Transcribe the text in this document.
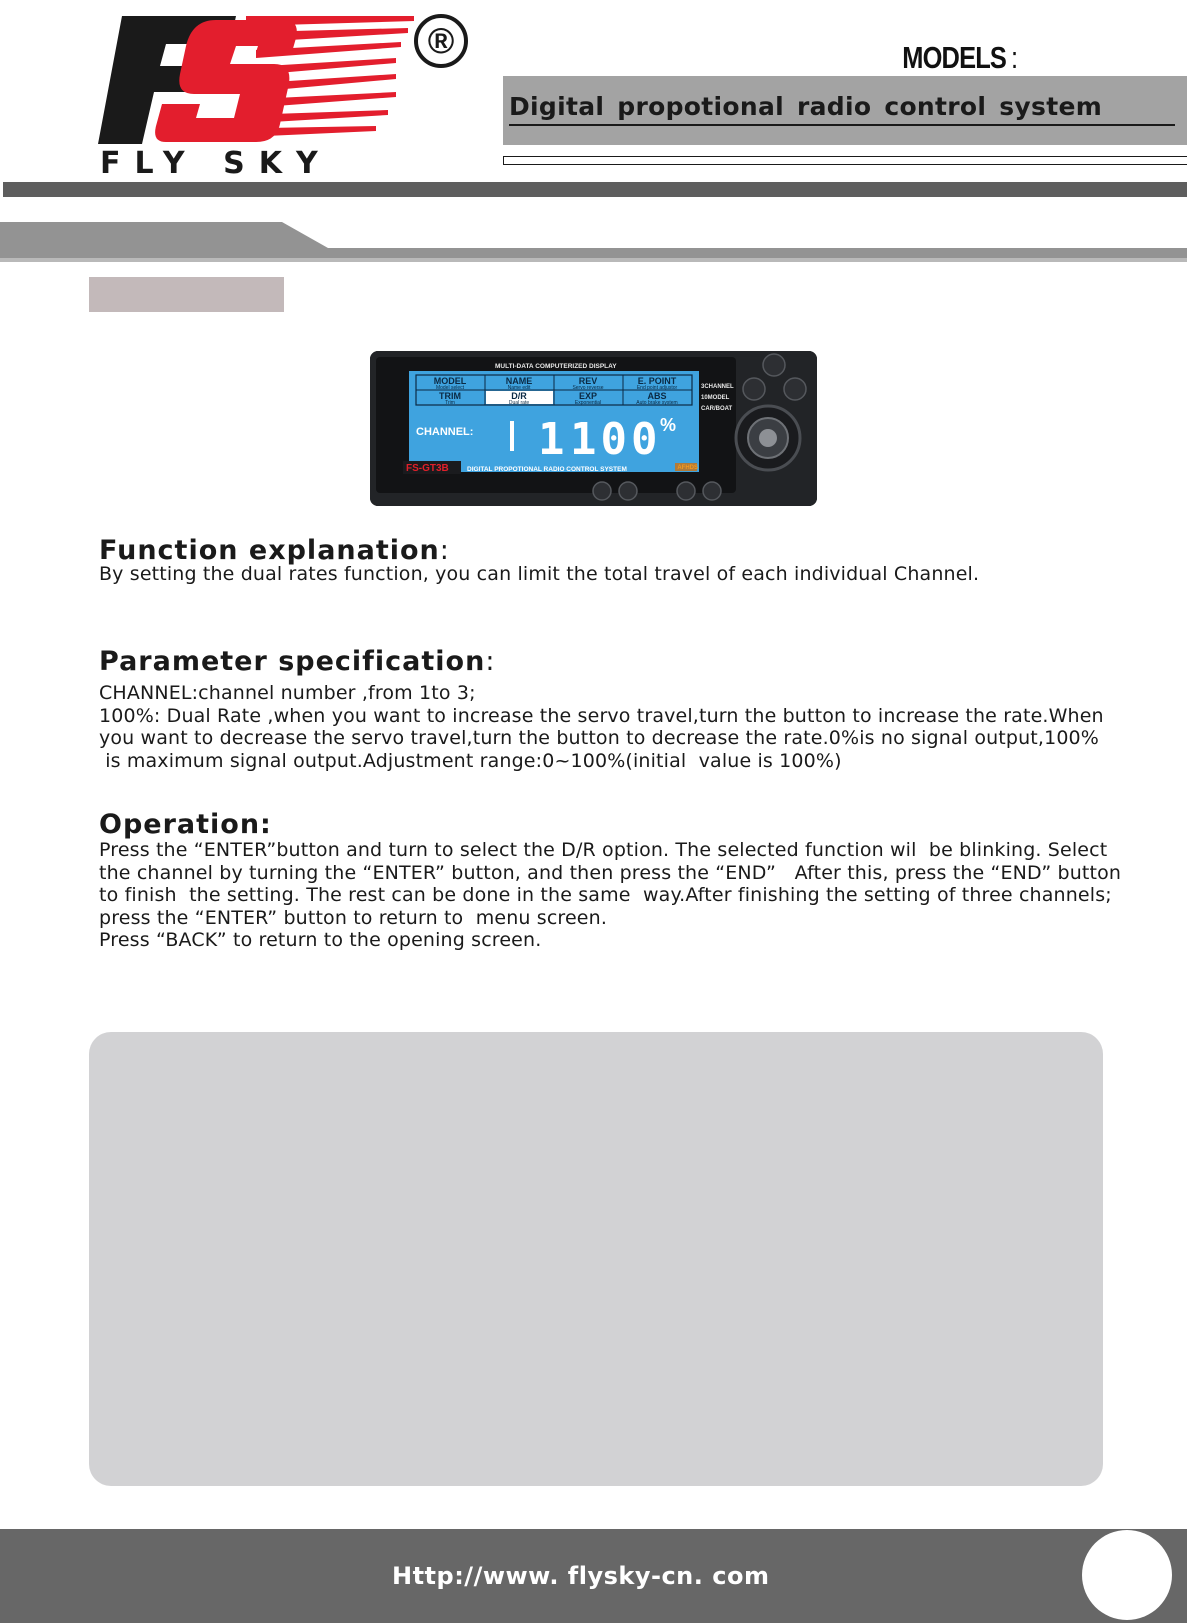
®
FLY SKY
MODELS :
Digital propotional radio control system
MULTI-DATA COMPUTERIZED DISPLAY
MODEL
Model select
NAME
Name edit
REV
Servo reverse
E. POINT
End point adjustor
TRIM
Trim
D/R
Dual rate
EXP
Exponential
ABS
Auto brake system
3CHANNEL
10MODEL
CAR/BOAT
CHANNEL: 1 100
%
FS-GT3B	DIGITAL PROPOTIONAL RADIO CONTROL SYSTEM	AFHDS
Function explanation:
By setting the dual rates function, you can limit the total travel of each individual Channel.
Parameter specification:
CHANNEL:channel number ,from 1to 3;
100%: Dual Rate ,when you want to increase the servo travel,turn the button to increase the rate.When
you want to decrease the servo travel,turn the button to decrease the rate.0%is no signal output,100%
is maximum signal output.Adjustment range:0~100%(initial  value is 100%)
Operation:
Press the “ENTER”button and turn to select the D/R option. The selected function wil  be blinking. Select
the channel by turning the “ENTER” button, and then press the “END”   After this, press the “END” button
to finish  the setting. The rest can be done in the same  way.After finishing the setting of three channels;
press the “ENTER” button to return to  menu screen.
Press “BACK” to return to the opening screen.
Http://www. flysky-cn. com
